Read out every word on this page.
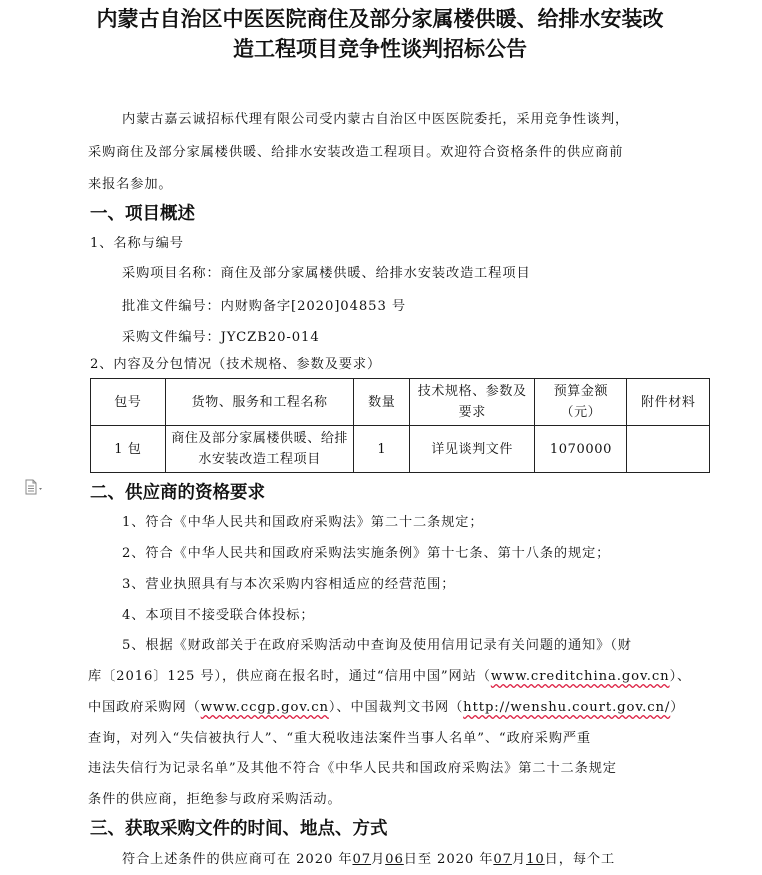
内蒙古自治区中医医院商住及部分家属楼供暖、给排水安装改
造工程项目竞争性谈判招标公告
内蒙古嘉云诚招标代理有限公司受内蒙古自治区中医医院委托，采用竞争性谈判，
采购商住及部分家属楼供暖、给排水安装改造工程项目。欢迎符合资格条件的供应商前
来报名参加。
一、项目概述
1、名称与编号
采购项目名称：商住及部分家属楼供暖、给排水安装改造工程项目
批准文件编号：内财购备字[2020]04853 号
采购文件编号：JYCZB20-014
2、内容及分包情况（技术规格、参数及要求）
包号	货物、服务和工程名称	数量	技术规格、参数及要求	预算金额（元）	附件材料
1 包	商住及部分家属楼供暖、给排水安装改造工程项目	1	详见谈判文件	1070000	
二、供应商的资格要求
1、符合《中华人民共和国政府采购法》第二十二条规定；
2、符合《中华人民共和国政府采购法实施条例》第十七条、第十八条的规定；
3、营业执照具有与本次采购内容相适应的经营范围；
4、本项目不接受联合体投标；
5、根据《财政部关于在政府采购活动中查询及使用信用记录有关问题的通知》（财
库〔2016〕125 号），供应商在报名时，通过“信用中国”网站（www.creditchina.gov.cn）、
中国政府采购网（www.ccgp.gov.cn）、中国裁判文书网（http://wenshu.court.gov.cn/）
查询，对列入“失信被执行人”、“重大税收违法案件当事人名单”、“政府采购严重
违法失信行为记录名单”及其他不符合《中华人民共和国政府采购法》第二十二条规定
条件的供应商，拒绝参与政府采购活动。
三、获取采购文件的时间、地点、方式
符合上述条件的供应商可在 2020 年07月06日至 2020 年07月10日，每个工
